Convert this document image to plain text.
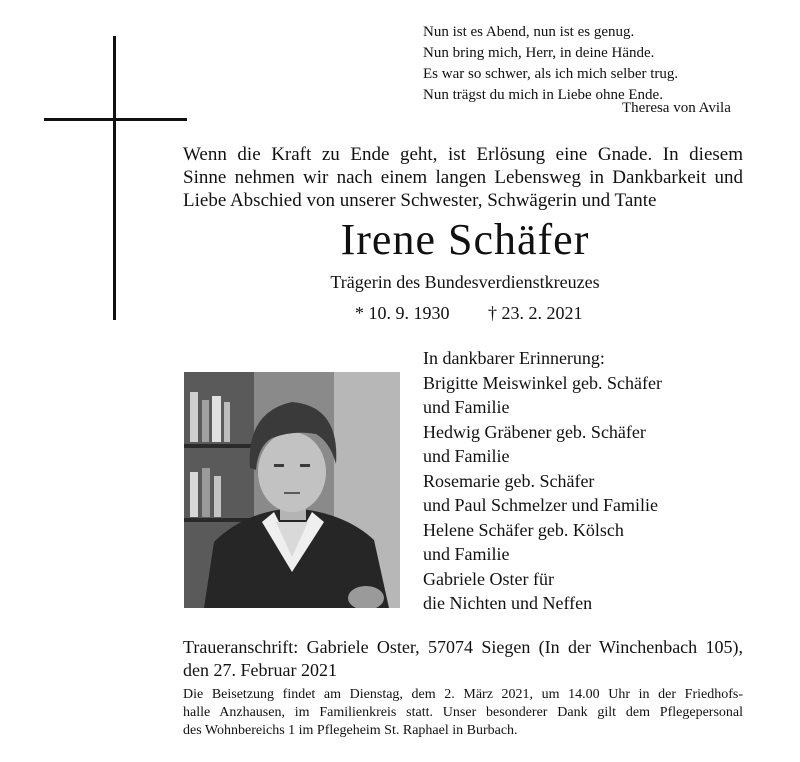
Nun ist es Abend, nun ist es genug.
Nun bring mich, Herr, in deine Hände.
Es war so schwer, als ich mich selber trug.
Nun trägst du mich in Liebe ohne Ende.
Theresa von Avila
Wenn die Kraft zu Ende geht, ist Erlösung eine Gnade. In diesem
Sinne nehmen wir nach einem langen Lebensweg in Dankbarkeit und
Liebe Abschied von unserer Schwester, Schwägerin und Tante
Irene Schäfer
Trägerin des Bundesverdienstkreuzes
* 10. 9. 1930 † 23. 2. 2021
In dankbarer Erinnerung:
Brigitte Meiswinkel geb. Schäfer
und Familie
Hedwig Gräbener geb. Schäfer
und Familie
Rosemarie geb. Schäfer
und Paul Schmelzer und Familie
Helene Schäfer geb. Kölsch
und Familie
Gabriele Oster für
die Nichten und Neffen
Traueranschrift: Gabriele Oster, 57074 Siegen (In der Winchenbach 105),
den 27. Februar 2021
Die Beisetzung findet am Dienstag, dem 2. März 2021, um 14.00 Uhr in der Friedhofs-
halle Anzhausen, im Familienkreis statt. Unser besonderer Dank gilt dem Pflegepersonal
des Wohnbereichs 1 im Pflegeheim St. Raphael in Burbach.
